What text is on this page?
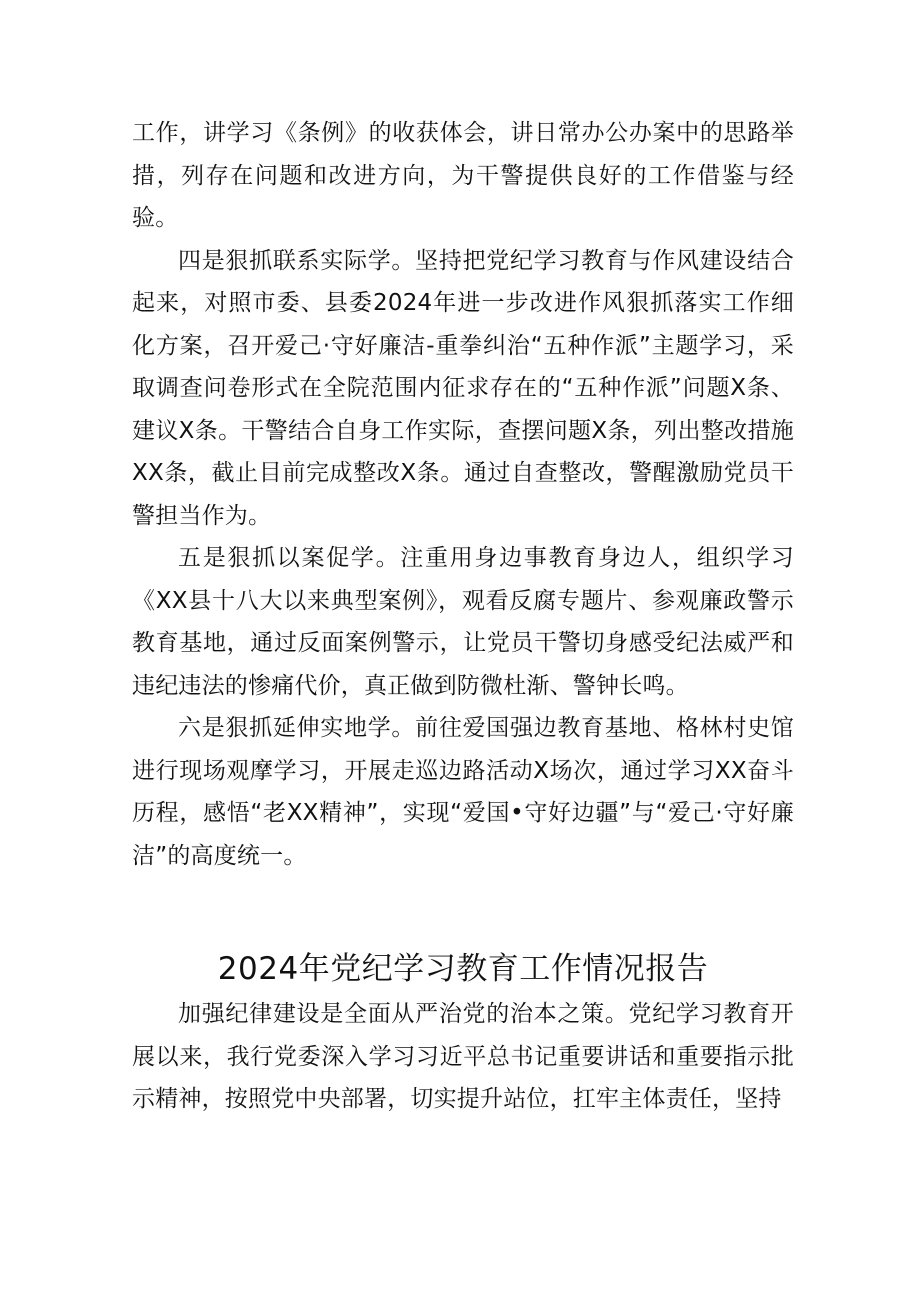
工作，讲学习《条例》的收获体会，讲日常办公办案中的思路举措，列存在问题和改进方向，为干警提供良好的工作借鉴与经验。

四是狠抓联系实际学。坚持把党纪学习教育与作风建设结合起来，对照市委、县委2024年进一步改进作风狠抓落实工作细化方案，召开爱己·守好廉洁-重拳纠治“五种作派”主题学习，采取调查问卷形式在全院范围内征求存在的“五种作派”问题X条、建议X条。干警结合自身工作实际，查摆问题X条，列出整改措施XX条，截止目前完成整改X条。通过自查整改，警醒激励党员干警担当作为。

五是狠抓以案促学。注重用身边事教育身边人，组织学习《XX县十八大以来典型案例》，观看反腐专题片、参观廉政警示教育基地，通过反面案例警示，让党员干警切身感受纪法威严和违纪违法的惨痛代价，真正做到防微杜渐、警钟长鸣。

六是狠抓延伸实地学。前往爱国强边教育基地、格林村史馆进行现场观摩学习，开展走巡边路活动X场次，通过学习XX奋斗历程，感悟“老XX精神”，实现“爱国•守好边疆”与“爱己·守好廉洁”的高度统一。

2024年党纪学习教育工作情况报告

加强纪律建设是全面从严治党的治本之策。党纪学习教育开展以来，我行党委深入学习习近平总书记重要讲话和重要指示批示精神，按照党中央部署，切实提升站位，扛牢主体责任，坚持
